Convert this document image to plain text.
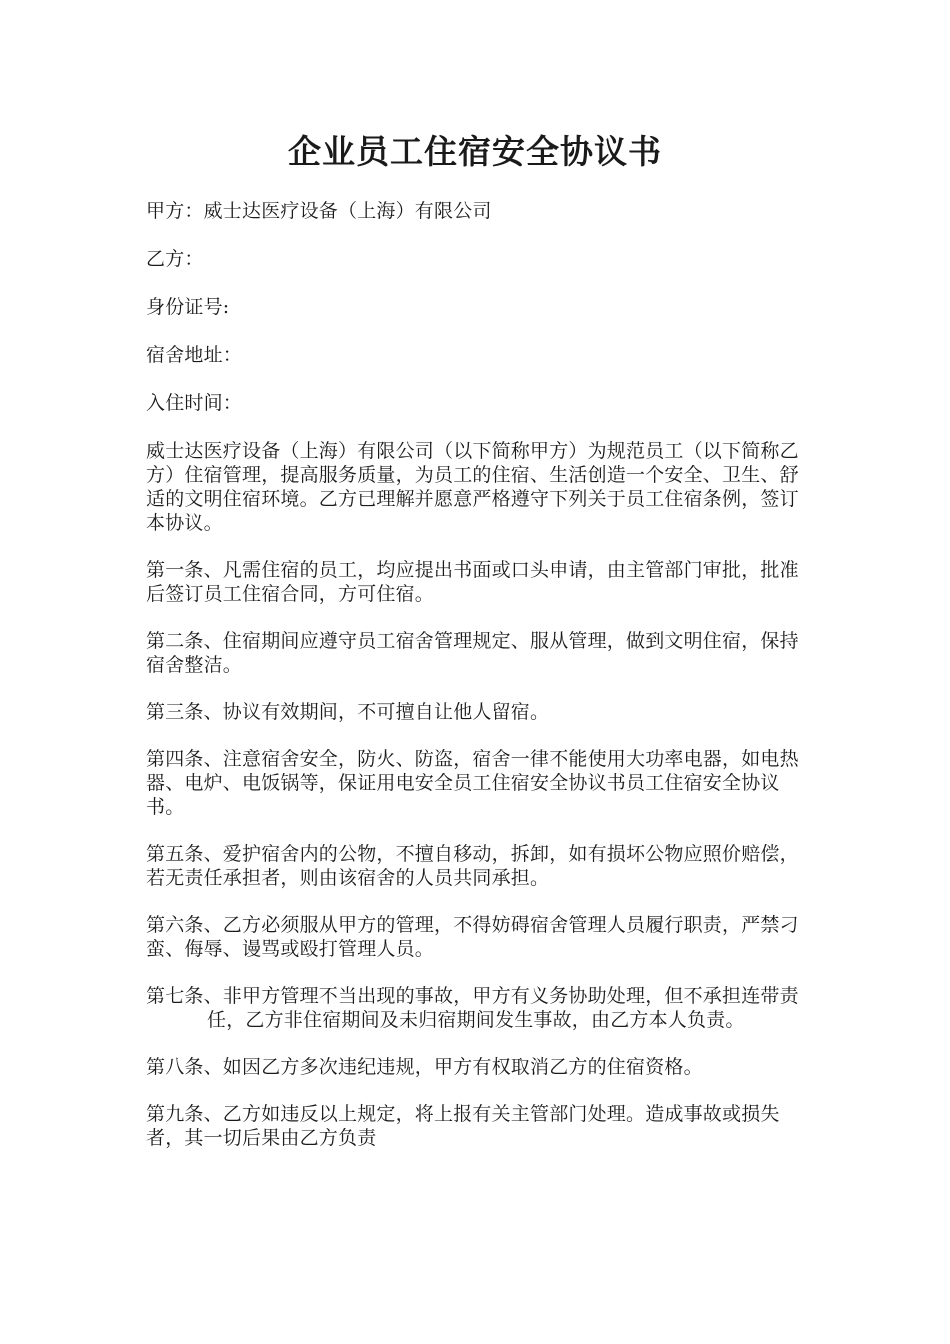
企业员工住宿安全协议书
甲方：威士达医疗设备（上海）有限公司
乙方：
身份证号:
宿舍地址：
入住时间：
威士达医疗设备（上海）有限公司（以下简称甲方）为规范员工（以下简称乙方）住宿管理，提高服务质量，为员工的住宿、生活创造一个安全、卫生、舒适的文明住宿环境。乙方已理解并愿意严格遵守下列关于员工住宿条例，签订本协议。
第一条、凡需住宿的员工，均应提出书面或口头申请，由主管部门审批，批准后签订员工住宿合同，方可住宿。
第二条、住宿期间应遵守员工宿舍管理规定、服从管理，做到文明住宿，保持宿舍整洁。
第三条、协议有效期间，不可擅自让他人留宿。
第四条、注意宿舍安全，防火、防盗，宿舍一律不能使用大功率电器，如电热器、电炉、电饭锅等，保证用电安全员工住宿安全协议书员工住宿安全协议书。
第五条、爱护宿舍内的公物，不擅自移动，拆卸，如有损坏公物应照价赔偿，若无责任承担者，则由该宿舍的人员共同承担。
第六条、乙方必须服从甲方的管理，不得妨碍宿舍管理人员履行职责，严禁刁蛮、侮辱、谩骂或殴打管理人员。
第七条、非甲方管理不当出现的事故，甲方有义务协助处理，但不承担连带责任，乙方非住宿期间及未归宿期间发生事故，由乙方本人负责。
第八条、如因乙方多次违纪违规，甲方有权取消乙方的住宿资格。
第九条、乙方如违反以上规定，将上报有关主管部门处理。造成事故或损失者，其一切后果由乙方负责
